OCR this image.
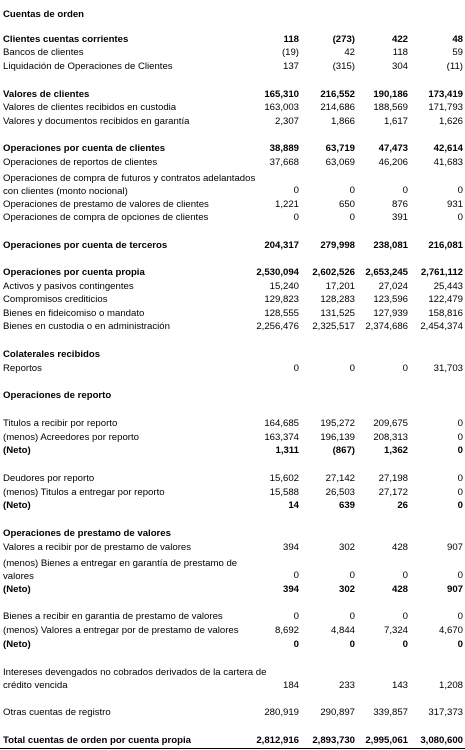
Cuentas de orden
Clientes cuentas corrientes	118	(273)	422	48
Bancos de clientes	(19)	42	118	59
Liquidación de Operaciones de Clientes	137	(315)	304	(11)
Valores de clientes	165,310	216,552	190,186	173,419
Valores de clientes recibidos en custodia	163,003	214,686	188,569	171,793
Valores y documentos recibidos en garantía	2,307	1,866	1,617	1,626
Operaciones por cuenta de clientes	38,889	63,719	47,473	42,614
Operaciones de reportos de clientes	37,668	63,069	46,206	41,683
Operaciones de compra de futuros y contratos adelantados con clientes (monto nocional)	0	0	0	0
Operaciones de prestamo de valores de clientes	1,221	650	876	931
Operaciones de compra de opciones de clientes	0	0	391	0
Operaciones por cuenta de terceros	204,317	279,998	238,081	216,081
Operaciones por cuenta propia	2,530,094	2,602,526	2,653,245	2,761,112
Activos y pasivos contingentes	15,240	17,201	27,024	25,443
Compromisos crediticios	129,823	128,283	123,596	122,479
Bienes en fideicomiso o mandato	128,555	131,525	127,939	158,816
Bienes en custodia o en administración	2,256,476	2,325,517	2,374,686	2,454,374
Colaterales recibidos
Reportos	0	0	0	31,703
Operaciones de reporto
Titulos a recibir por reporto	164,685	195,272	209,675	0
(menos) Acreedores por reporto	163,374	196,139	208,313	0
(Neto)	1,311	(867)	1,362	0
Deudores por reporto	15,602	27,142	27,198	0
(menos) Titulos a entregar por reporto	15,588	26,503	27,172	0
(Neto)	14	639	26	0
Operaciones de prestamo de valores
Valores a recibir por de prestamo de valores	394	302	428	907
(menos) Bienes a entregar en garantía de prestamo de valores	0	0	0	0
(Neto)	394	302	428	907
Bienes a recibir en garantia de prestamo de valores	0	0	0	0
(menos) Valores a entregar por de prestamo de valores	8,692	4,844	7,324	4,670
(Neto)	0	0	0	0
Intereses devengados no cobrados derivados de la cartera de crédito vencida	184	233	143	1,208
Otras cuentas de registro	280,919	290,897	339,857	317,373
Total cuentas de orden por cuenta propia	2,812,916	2,893,730	2,995,061	3,080,600
